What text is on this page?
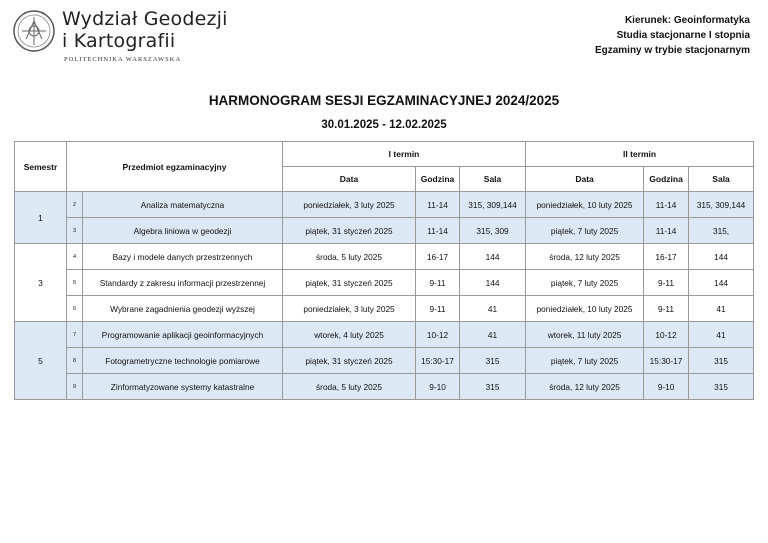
Wydział Geodezji
i Kartografii
POLITECHNIKA WARSZAWSKA
Kierunek: Geoinformatyka
Studia stacjonarne I stopnia
Egzaminy w trybie stacjonarnym
HARMONOGRAM SESJI EGZAMINACYJNEJ 2024/2025
30.01.2025 - 12.02.2025
Semestr	Przedmiot egzaminacyjny		I termin			II termin		
			Data	Godzina	Sala	Data	Godzina	Sala
1	2	Analiza matematyczna	poniedziałek, 3 luty 2025	11-14	315, 309,144	poniedziałek, 10 luty 2025	11-14	315, 309,144
	3	Algebra liniowa w geodezji	piątek, 31 styczeń 2025	11-14	315, 309	piątek, 7 luty 2025	11-14	315,
3	4	Bazy i modele danych przestrzennych	środa, 5 luty 2025	16-17	144	środa, 12 luty 2025	16-17	144
	5	Standardy z zakresu informacji przestrzennej	piątek, 31 styczeń 2025	9-11	144	piątek, 7 luty 2025	9-11	144
	6	Wybrane zagadnienia geodezji wyższej	poniedziałek, 3 luty 2025	9-11	41	poniedziałek, 10 luty 2025	9-11	41
5	7	Programowanie aplikacji geoinformacyjnych	wtorek, 4 luty 2025	10-12	41	wtorek, 11 luty 2025	10-12	41
	8	Fotogrametryczne technologie pomiarowe	piątek, 31 styczeń 2025	15:30-17	315	piątek, 7 luty 2025	15:30-17	315
	9	Zinformatyzowane systemy katastralne	środa, 5 luty 2025	9-10	315	środa, 12 luty 2025	9-10	315
